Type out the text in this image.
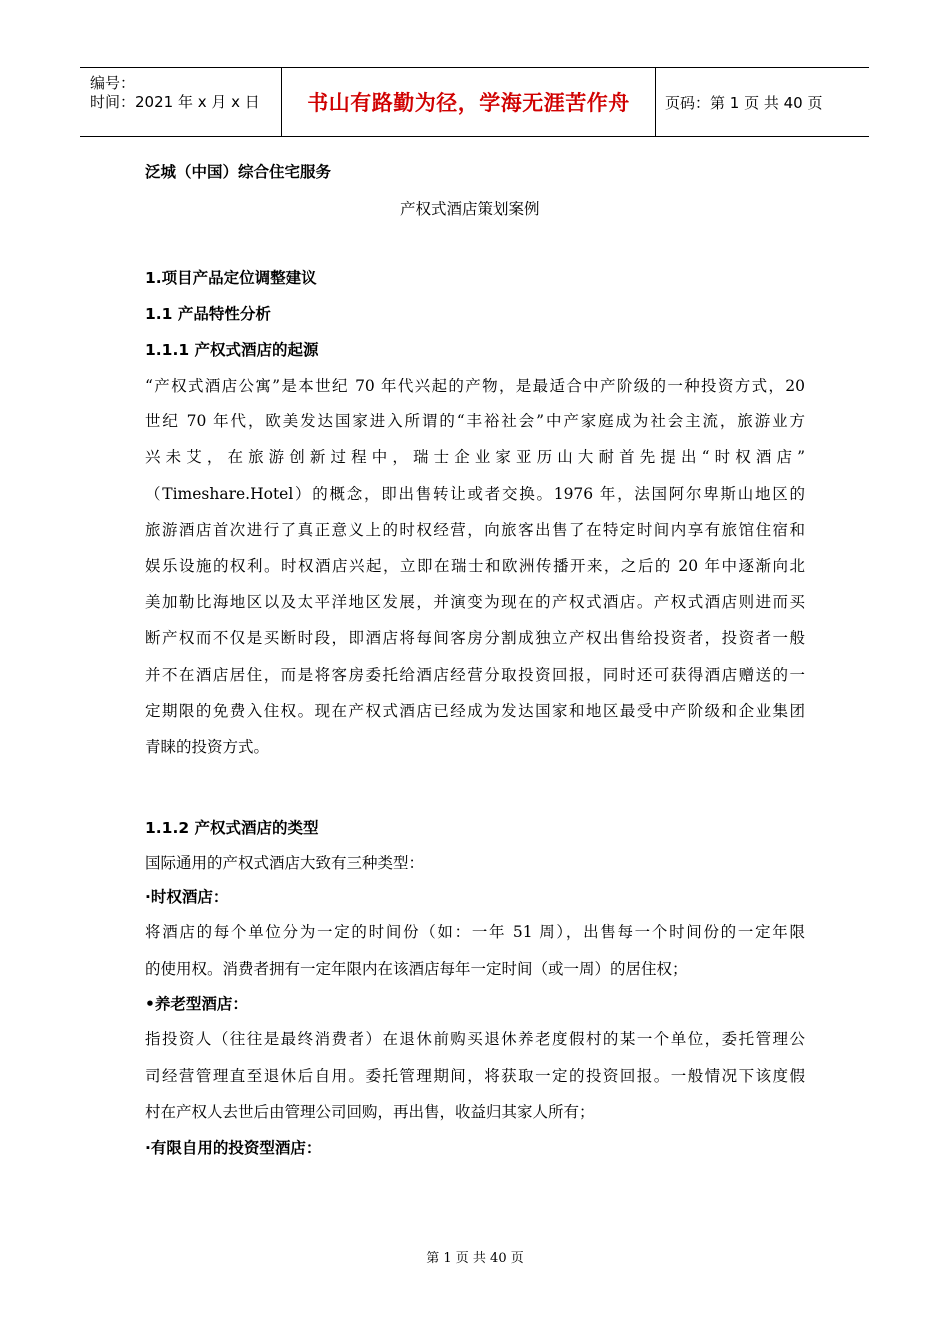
编号：
时间：2021 年 x 月 x 日 书山有路勤为径，学海无涯苦作舟 页码：第 1 页 共 40 页
泛城（中国）综合住宅服务
产权式酒店策划案例
1.项目产品定位调整建议
1.1 产品特性分析
1.1.1 产权式酒店的起源
“产权式酒店公寓”是本世纪 70 年代兴起的产物，是最适合中产阶级的一种投资方式，20
世纪 70 年代，欧美发达国家进入所谓的“丰裕社会”中产家庭成为社会主流，旅游业方
兴未艾，在旅游创新过程中，瑞士企业家亚历山大耐首先提出“时权酒店”
（Timeshare.Hotel）的概念，即出售转让或者交换。1976 年，法国阿尔卑斯山地区的
旅游酒店首次进行了真正意义上的时权经营，向旅客出售了在特定时间内享有旅馆住宿和
娱乐设施的权利。时权酒店兴起，立即在瑞士和欧洲传播开来，之后的 20 年中逐渐向北
美加勒比海地区以及太平洋地区发展，并演变为现在的产权式酒店。产权式酒店则进而买
断产权而不仅是买断时段，即酒店将每间客房分割成独立产权出售给投资者，投资者一般
并不在酒店居住，而是将客房委托给酒店经营分取投资回报，同时还可获得酒店赠送的一
定期限的免费入住权。现在产权式酒店已经成为发达国家和地区最受中产阶级和企业集团
青睐的投资方式。
1.1.2 产权式酒店的类型
国际通用的产权式酒店大致有三种类型：
·时权酒店：
将酒店的每个单位分为一定的时间份（如：一年 51 周），出售每一个时间份的一定年限
的使用权。消费者拥有一定年限内在该酒店每年一定时间（或一周）的居住权；
•养老型酒店：
指投资人（往往是最终消费者）在退休前购买退休养老度假村的某一个单位，委托管理公
司经营管理直至退休后自用。委托管理期间，将获取一定的投资回报。一般情况下该度假
村在产权人去世后由管理公司回购，再出售，收益归其家人所有；
·有限自用的投资型酒店：
第 1 页 共 40 页
